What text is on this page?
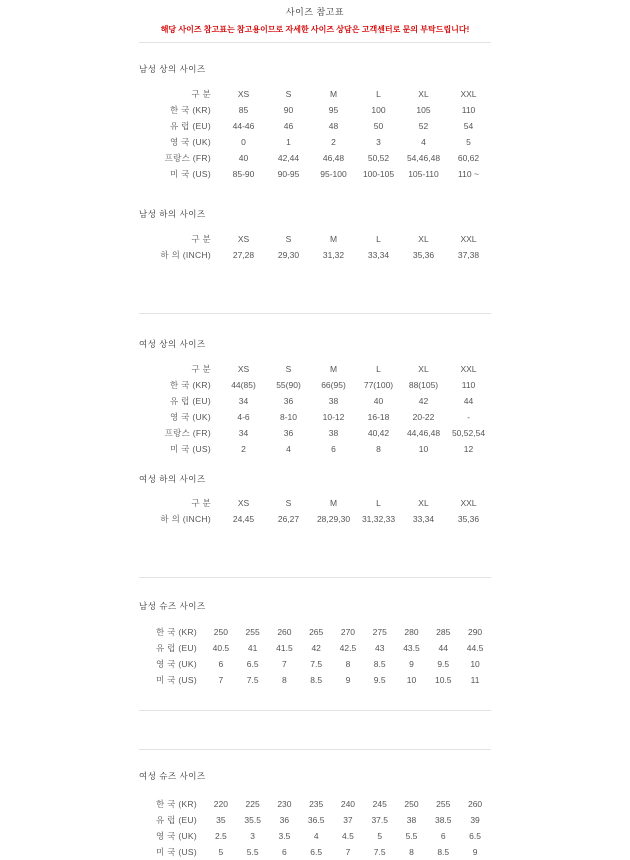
사이즈 참고표

해당 사이즈 참고표는 참고용이므로 자세한 사이즈 상담은 고객센터로 문의 부탁드립니다!

남성 상의 사이즈
구 분	XS	S	M	L	XL	XXL
한 국 (KR)	85	90	95	100	105	110
유 럽 (EU)	44-46	46	48	50	52	54
영 국 (UK)	0	1	2	3	4	5
프랑스 (FR)	40	42,44	46,48	50,52	54,46,48	60,62
미 국 (US)	85-90	90-95	95-100	100-105	105-110	110 ~
남성 하의 사이즈
구 분	XS	S	M	L	XL	XXL
하 의 (INCH)	27,28	29,30	31,32	33,34	35,36	37,38
여성 상의 사이즈
구 분	XS	S	M	L	XL	XXL
한 국 (KR)	44(85)	55(90)	66(95)	77(100)	88(105)	110
유 럽 (EU)	34	36	38	40	42	44
영 국 (UK)	4-6	8-10	10-12	16-18	20-22	-
프랑스 (FR)	34	36	38	40,42	44,46,48	50,52,54
미 국 (US)	2	4	6	8	10	12
여성 하의 사이즈
구 분	XS	S	M	L	XL	XXL
하 의 (INCH)	24,45	26,27	28,29,30	31,32,33	33,34	35,36
남성 슈즈 사이즈
한 국 (KR)	250	255	260	265	270	275	280	285	290
유 럽 (EU)	40.5	41	41.5	42	42.5	43	43.5	44	44.5
영 국 (UK)	6	6.5	7	7.5	8	8.5	9	9.5	10
미 국 (US)	7	7.5	8	8.5	9	9.5	10	10.5	11
여성 슈즈 사이즈
한 국 (KR)	220	225	230	235	240	245	250	255	260
유 럽 (EU)	35	35.5	36	36.5	37	37.5	38	38.5	39
영 국 (UK)	2.5	3	3.5	4	4.5	5	5.5	6	6.5
미 국 (US)	5	5.5	6	6.5	7	7.5	8	8.5	9
